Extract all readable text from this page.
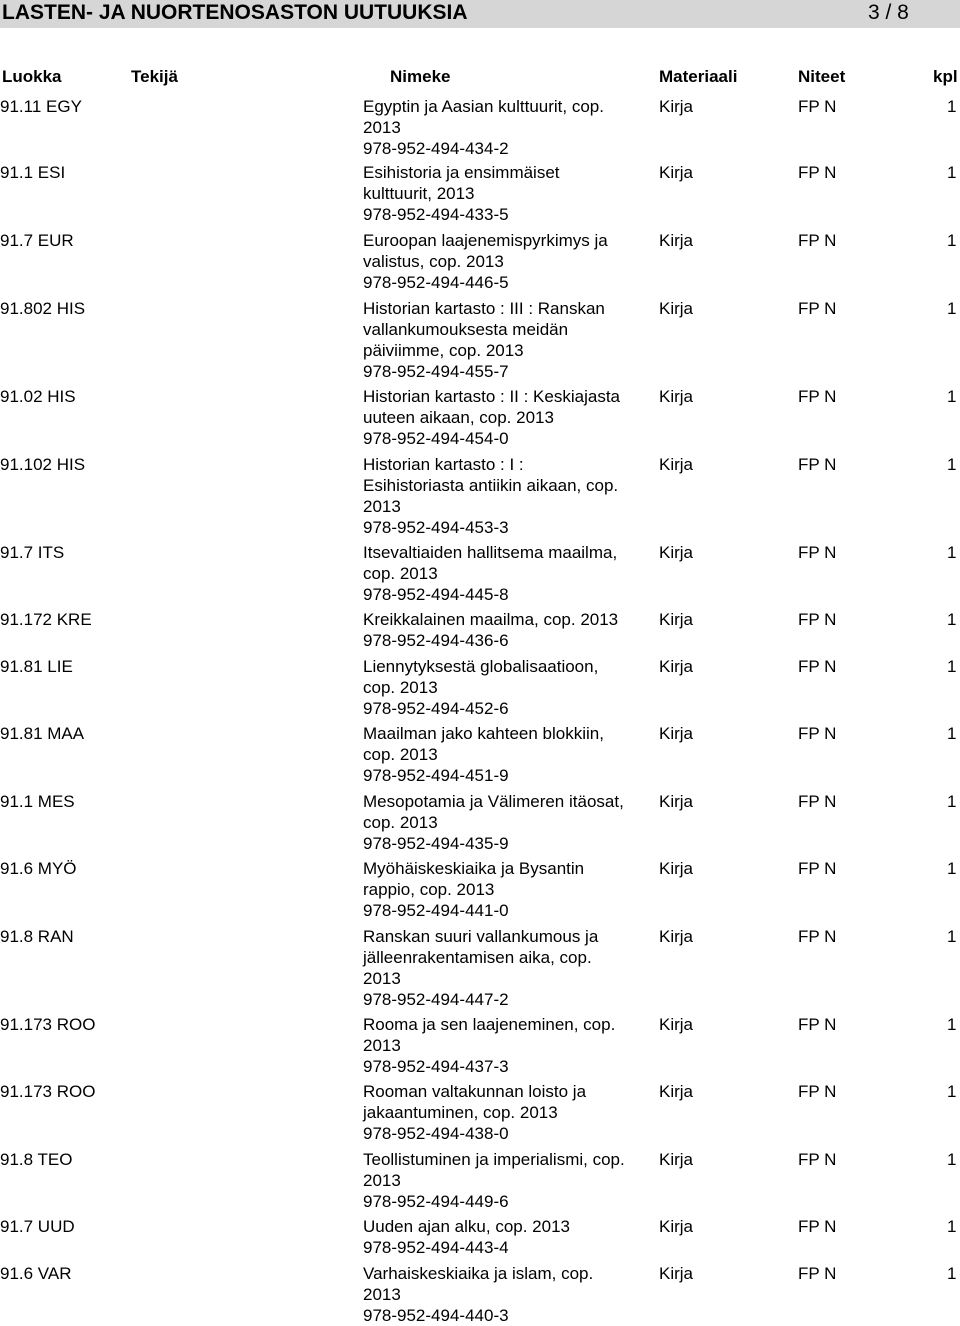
LASTEN- JA NUORTENOSASTON UUTUUKSIA	3 / 8
Luokka	Tekijä	Nimeke	Materiaali	Niteet	kpl
91.11 EGY	Egyptin ja Aasian kulttuurit, cop.
2013
978-952-494-434-2
Kirja	FP N	1
91.1 ESI	Esihistoria ja ensimmäiset
kulttuurit, 2013
978-952-494-433-5
Kirja	FP N	1
91.7 EUR	Euroopan laajenemispyrkimys ja
valistus, cop. 2013
978-952-494-446-5
Kirja	FP N	1
91.802 HIS	Historian kartasto : III : Ranskan
vallankumouksesta meidän
päiviimme, cop. 2013
978-952-494-455-7
Kirja	FP N	1
91.02 HIS	Historian kartasto : II : Keskiajasta
uuteen aikaan, cop. 2013
978-952-494-454-0
Kirja	FP N	1
91.102 HIS	Historian kartasto : I :
Esihistoriasta antiikin aikaan, cop.
2013
978-952-494-453-3
Kirja	FP N	1
91.7 ITS	Itsevaltiaiden hallitsema maailma,
cop. 2013
978-952-494-445-8
Kirja	FP N	1
91.172 KRE	Kreikkalainen maailma, cop. 2013
978-952-494-436-6
Kirja	FP N	1
91.81 LIE	Liennytyksestä globalisaatioon,
cop. 2013
978-952-494-452-6
Kirja	FP N	1
91.81 MAA	Maailman jako kahteen blokkiin,
cop. 2013
978-952-494-451-9
Kirja	FP N	1
91.1 MES	Mesopotamia ja Välimeren itäosat,
cop. 2013
978-952-494-435-9
Kirja	FP N	1
91.6 MYÖ	Myöhäiskeskiaika ja Bysantin
rappio, cop. 2013
978-952-494-441-0
Kirja	FP N	1
91.8 RAN	Ranskan suuri vallankumous ja
jälleenrakentamisen aika, cop.
2013
978-952-494-447-2
Kirja	FP N	1
91.173 ROO	Rooma ja sen laajeneminen, cop.
2013
978-952-494-437-3
Kirja	FP N	1
91.173 ROO	Rooman valtakunnan loisto ja
jakaantuminen, cop. 2013
978-952-494-438-0
Kirja	FP N	1
91.8 TEO	Teollistuminen ja imperialismi, cop.
2013
978-952-494-449-6
Kirja	FP N	1
91.7 UUD	Uuden ajan alku, cop. 2013
978-952-494-443-4
Kirja	FP N	1
91.6 VAR	Varhaiskeskiaika ja islam, cop.
2013
978-952-494-440-3
Kirja	FP N	1
